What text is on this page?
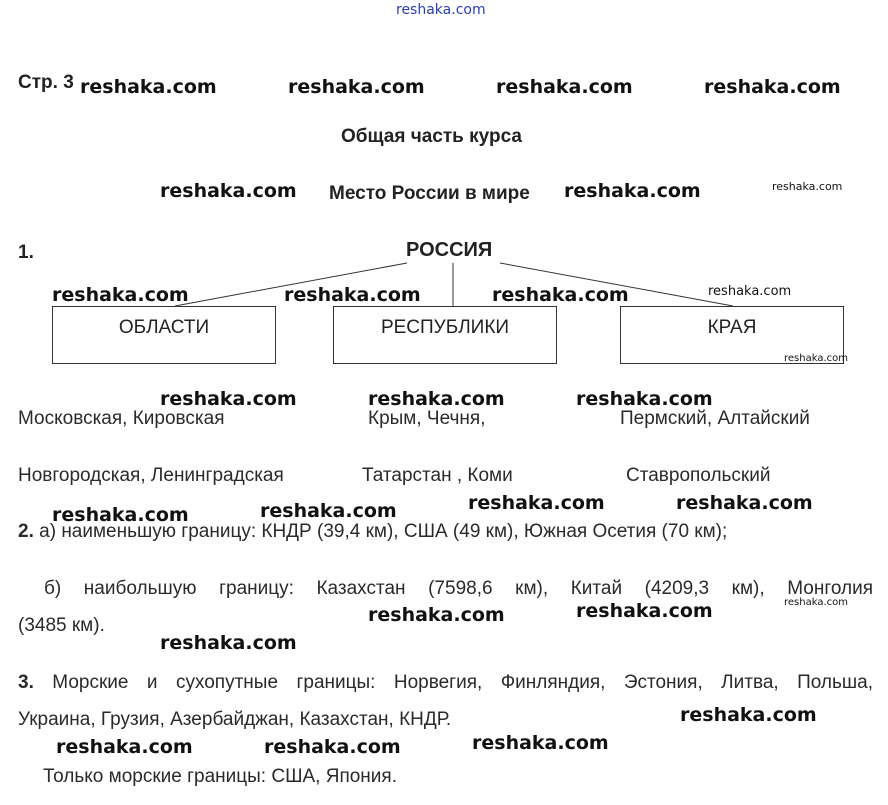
reshaka.com
Стр. 3
Общая часть курса
Место России в мире
1.	РОССИЯ
ОБЛАСТИ	РЕСПУБЛИКИ	КРАЯ
Московская, Кировская	Крым, Чечня,	Пермский, Алтайский
Новгородская, Ленинградская	Татарстан , Коми	Ставропольский
2. а) наименьшую границу: КНДР (39,4 км), США (49 км), Южная Осетия (70 км);
б) наибольшую границу: Казахстан (7598,6 км), Китай (4209,3 км), Монголия
(3485 км).
3. Морские и сухопутные границы: Норвегия, Финляндия, Эстония, Литва, Польша,
Украина, Грузия, Азербайджан, Казахстан, КНДР.
Только морские границы: США, Япония.
reshaka.com	reshaka.com	reshaka.com	reshaka.com
reshaka.com	reshaka.com	reshaka.com
reshaka.com	reshaka.com	reshaka.com	reshaka.com
reshaka.com
reshaka.com	reshaka.com	reshaka.com
reshaka.com	reshaka.com
reshaka.com	reshaka.com
reshaka.com
reshaka.com	reshaka.com
reshaka.com
reshaka.com
reshaka.com	reshaka.com	reshaka.com
